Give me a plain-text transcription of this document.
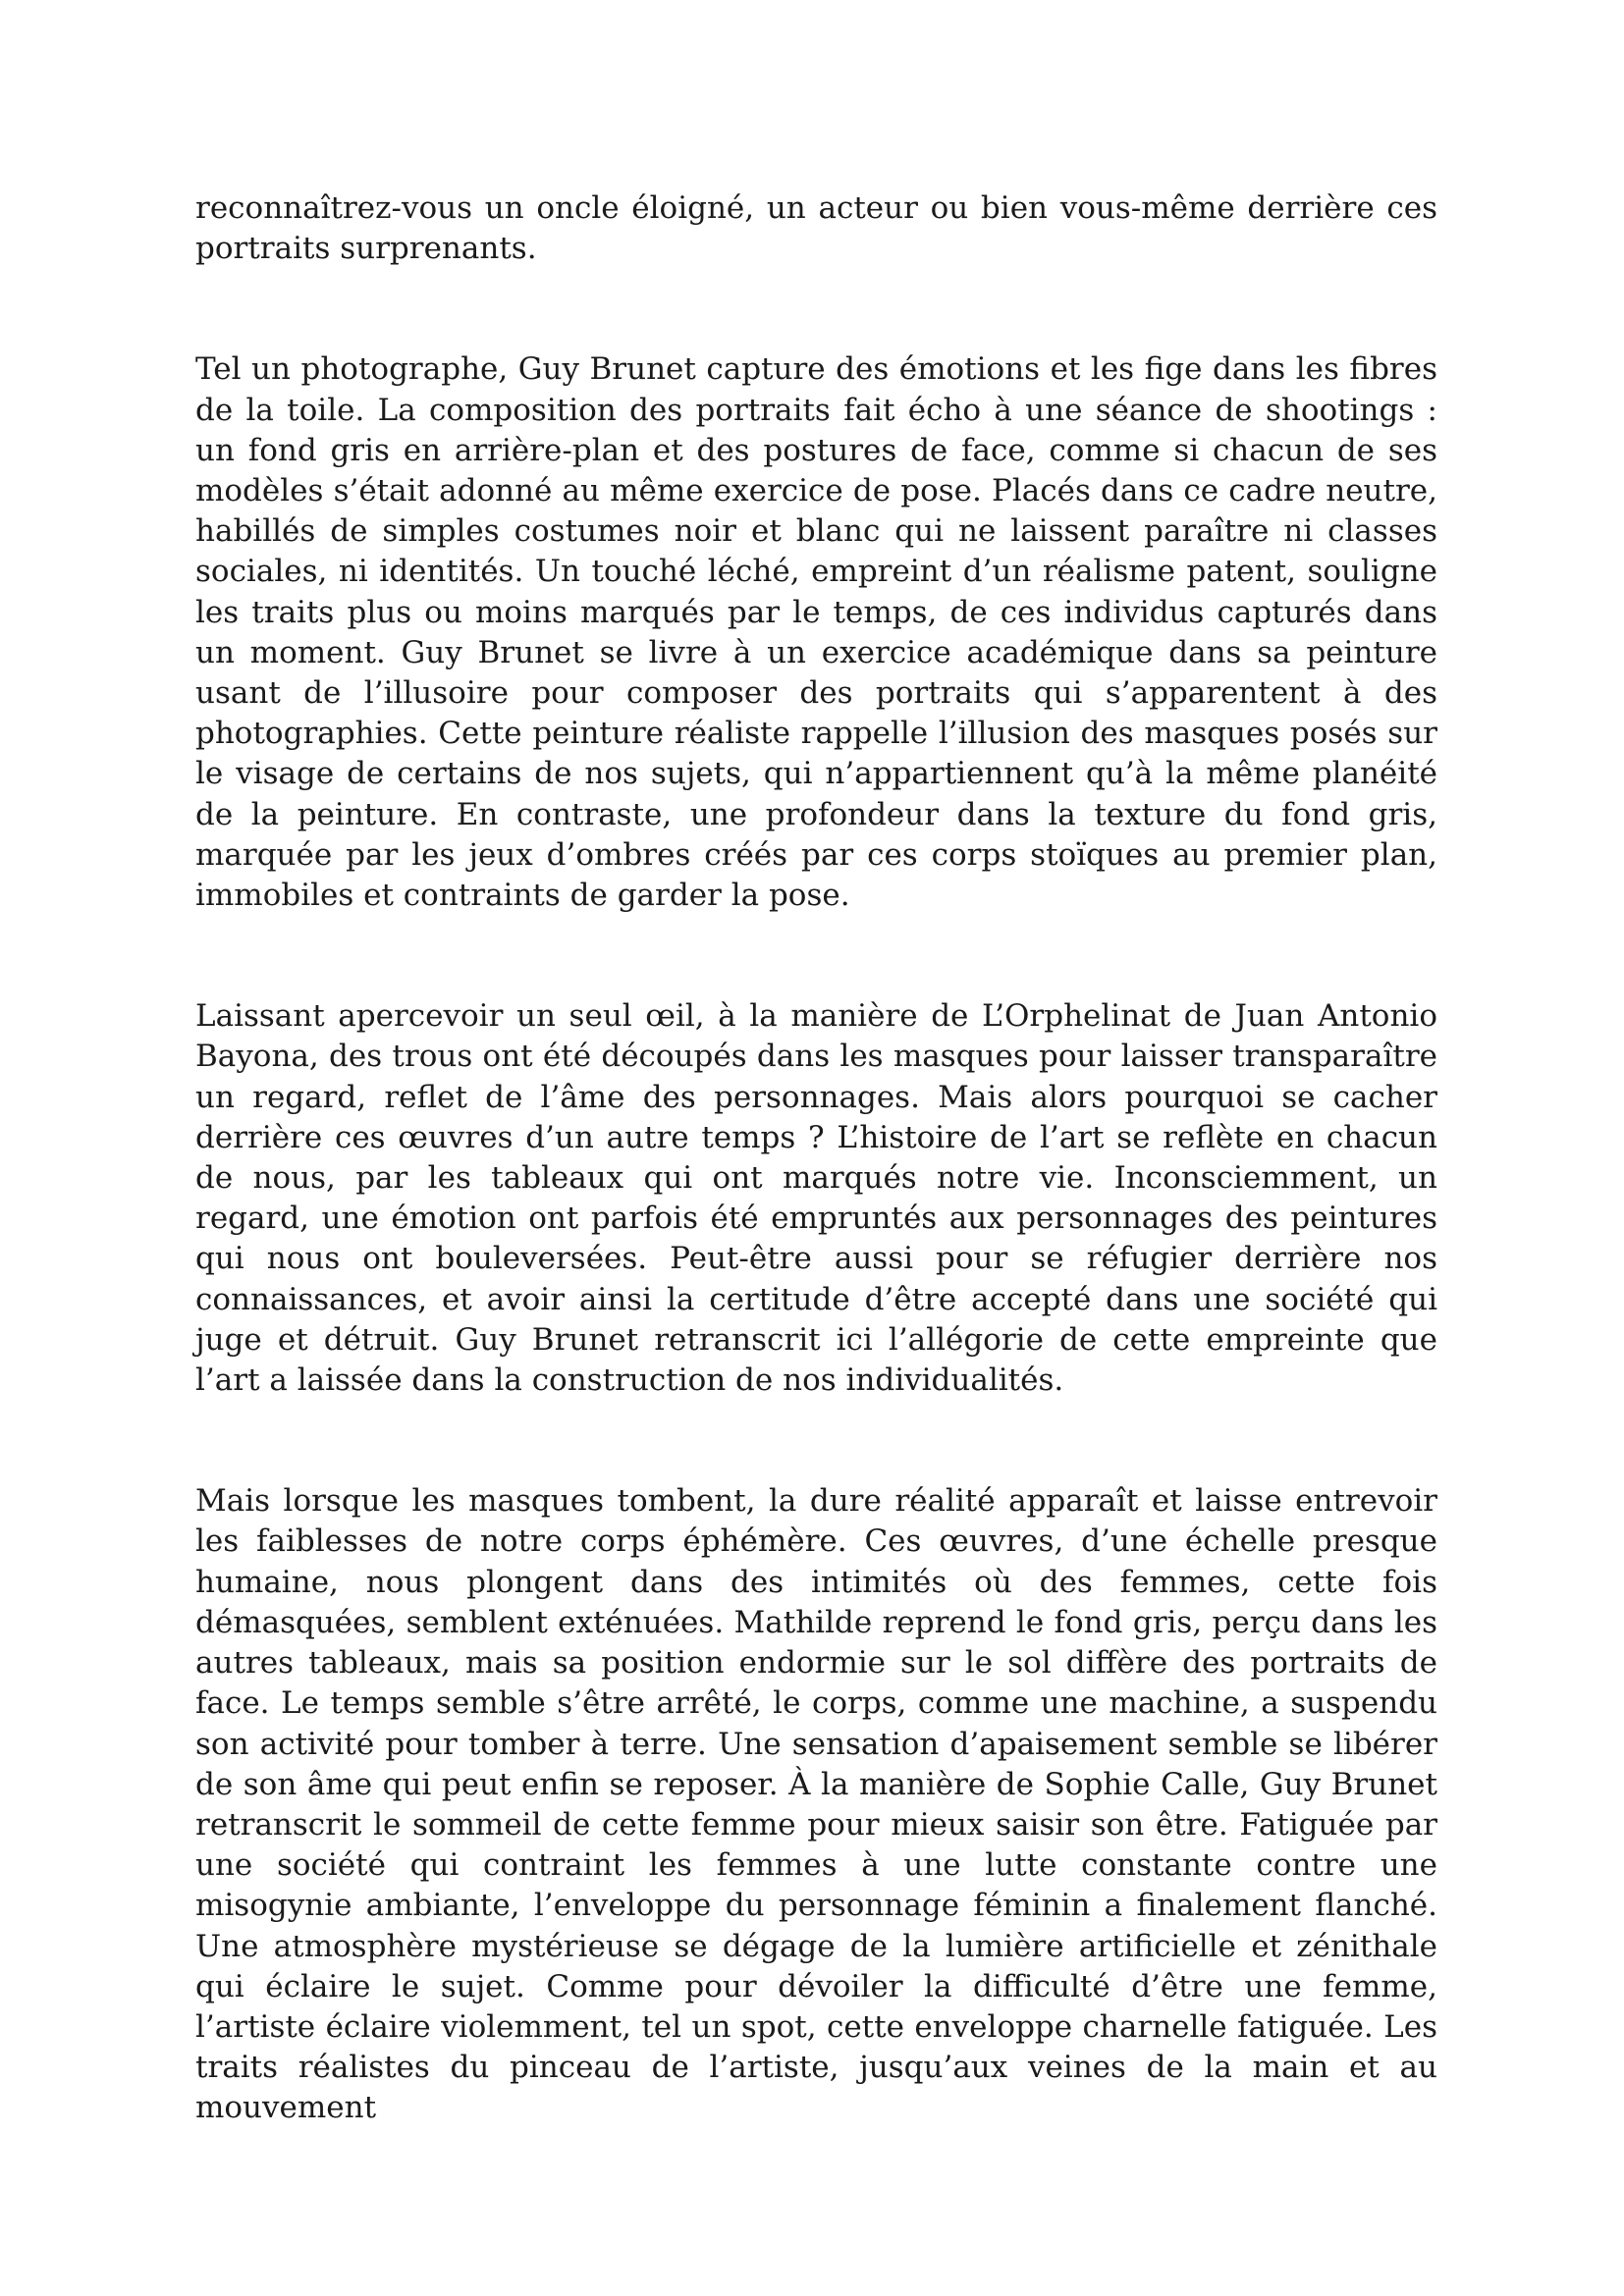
reconnaîtrez-vous un oncle éloigné, un acteur ou bien vous-même derrière ces portraits surprenants.

Tel un photographe, Guy Brunet capture des émotions et les fige dans les fibres de la toile. La composition des portraits fait écho à une séance de shootings : un fond gris en arrière-plan et des postures de face, comme si chacun de ses modèles s’était adonné au même exercice de pose. Placés dans ce cadre neutre, habillés de simples costumes noir et blanc qui ne laissent paraître ni classes sociales, ni identités. Un touché léché, empreint d’un réalisme patent, souligne les traits plus ou moins marqués par le temps, de ces individus capturés dans un moment. Guy Brunet se livre à un exercice académique dans sa peinture usant de l’illusoire pour composer des portraits qui s’apparentent à des photographies. Cette peinture réaliste rappelle l’illusion des masques posés sur le visage de certains de nos sujets, qui n’appartiennent qu’à la même planéité de la peinture. En contraste, une profondeur dans la texture du fond gris, marquée par les jeux d’ombres créés par ces corps stoïques au premier plan, immobiles et contraints de garder la pose.

Laissant apercevoir un seul œil, à la manière de L’Orphelinat de Juan Antonio Bayona, des trous ont été découpés dans les masques pour laisser transparaître un regard, reflet de l’âme des personnages. Mais alors pourquoi se cacher derrière ces œuvres d’un autre temps ? L’histoire de l’art se reflète en chacun de nous, par les tableaux qui ont marqués notre vie. Inconsciemment, un regard, une émotion ont parfois été empruntés aux personnages des peintures qui nous ont bouleversées. Peut-être aussi pour se réfugier derrière nos connaissances, et avoir ainsi la certitude d’être accepté dans une société qui juge et détruit. Guy Brunet retranscrit ici l’allégorie de cette empreinte que l’art a laissée dans la construction de nos individualités.

Mais lorsque les masques tombent, la dure réalité apparaît et laisse entrevoir les faiblesses de notre corps éphémère. Ces œuvres, d’une échelle presque humaine, nous plongent dans des intimités où des femmes, cette fois démasquées, semblent exténuées. Mathilde reprend le fond gris, perçu dans les autres tableaux, mais sa position endormie sur le sol diffère des portraits de face. Le temps semble s’être arrêté, le corps, comme une machine, a suspendu son activité pour tomber à terre. Une sensation d’apaisement semble se libérer de son âme qui peut enfin se reposer. À la manière de Sophie Calle, Guy Brunet retranscrit le sommeil de cette femme pour mieux saisir son être. Fatiguée par une société qui contraint les femmes à une lutte constante contre une misogynie ambiante, l’enveloppe du personnage féminin a finalement flanché. Une atmosphère mystérieuse se dégage de la lumière artificielle et zénithale qui éclaire le sujet. Comme pour dévoiler la difficulté d’être une femme, l’artiste éclaire violemment, tel un spot, cette enveloppe charnelle fatiguée. Les traits réalistes du pinceau de l’artiste, jusqu’aux veines de la main et au mouvement
